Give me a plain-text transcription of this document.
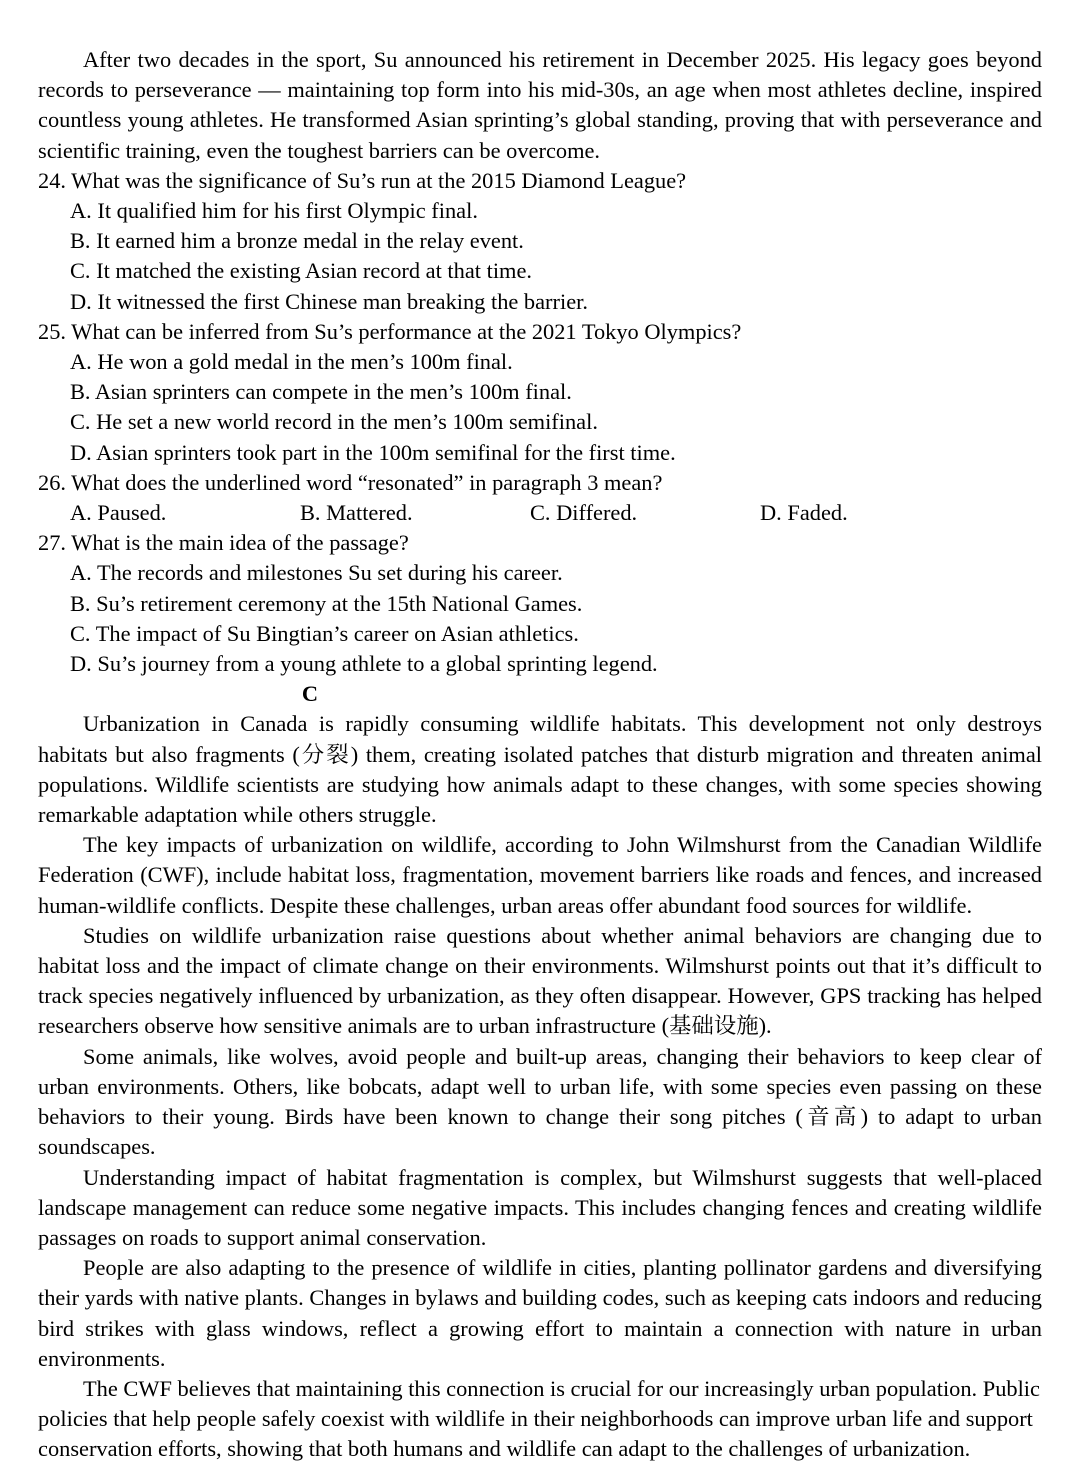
After two decades in the sport, Su announced his retirement in December 2025. His legacy goes beyond records to perseverance — maintaining top form into his mid-30s, an age when most athletes decline, inspired countless young athletes. He transformed Asian sprinting’s global standing, proving that with perseverance and scientific training, even the toughest barriers can be overcome.

24. What was the significance of Su’s run at the 2015 Diamond League?

A. It qualified him for his first Olympic final.

B. It earned him a bronze medal in the relay event.

C. It matched the existing Asian record at that time.

D. It witnessed the first Chinese man breaking the barrier.

25. What can be inferred from Su’s performance at the 2021 Tokyo Olympics?

A. He won a gold medal in the men’s 100m final.

B. Asian sprinters can compete in the men’s 100m final.

C. He set a new world record in the men’s 100m semifinal.

D. Asian sprinters took part in the 100m semifinal for the first time.

26. What does the underlined word “resonated” in paragraph 3 mean?

A. Paused.	B. Mattered.	C. Differed.	D. Faded.

27. What is the main idea of the passage?

A. The records and milestones Su set during his career.

B. Su’s retirement ceremony at the 15th National Games.

C. The impact of Su Bingtian’s career on Asian athletics.

D. Su’s journey from a young athlete to a global sprinting legend.

C

Urbanization in Canada is rapidly consuming wildlife habitats. This development not only destroys habitats but also fragments (分裂) them, creating isolated patches that disturb migration and threaten animal populations. Wildlife scientists are studying how animals adapt to these changes, with some species showing remarkable adaptation while others struggle.

The key impacts of urbanization on wildlife, according to John Wilmshurst from the Canadian Wildlife Federation (CWF), include habitat loss, fragmentation, movement barriers like roads and fences, and increased human-wildlife conflicts. Despite these challenges, urban areas offer abundant food sources for wildlife.

Studies on wildlife urbanization raise questions about whether animal behaviors are changing due to habitat loss and the impact of climate change on their environments. Wilmshurst points out that it’s difficult to track species negatively influenced by urbanization, as they often disappear. However, GPS tracking has helped researchers observe how sensitive animals are to urban infrastructure (基础设施).

Some animals, like wolves, avoid people and built-up areas, changing their behaviors to keep clear of urban environments. Others, like bobcats, adapt well to urban life, with some species even passing on these behaviors to their young. Birds have been known to change their song pitches (音高) to adapt to urban soundscapes.

Understanding impact of habitat fragmentation is complex, but Wilmshurst suggests that well-placed landscape management can reduce some negative impacts. This includes changing fences and creating wildlife passages on roads to support animal conservation.

People are also adapting to the presence of wildlife in cities, planting pollinator gardens and diversifying their yards with native plants. Changes in bylaws and building codes, such as keeping cats indoors and reducing bird strikes with glass windows, reflect a growing effort to maintain a connection with nature in urban environments.

The CWF believes that maintaining this connection is crucial for our increasingly urban population. Public policies that help people safely coexist with wildlife in their neighborhoods can improve urban life and support conservation efforts, showing that both humans and wildlife can adapt to the challenges of urbanization.
